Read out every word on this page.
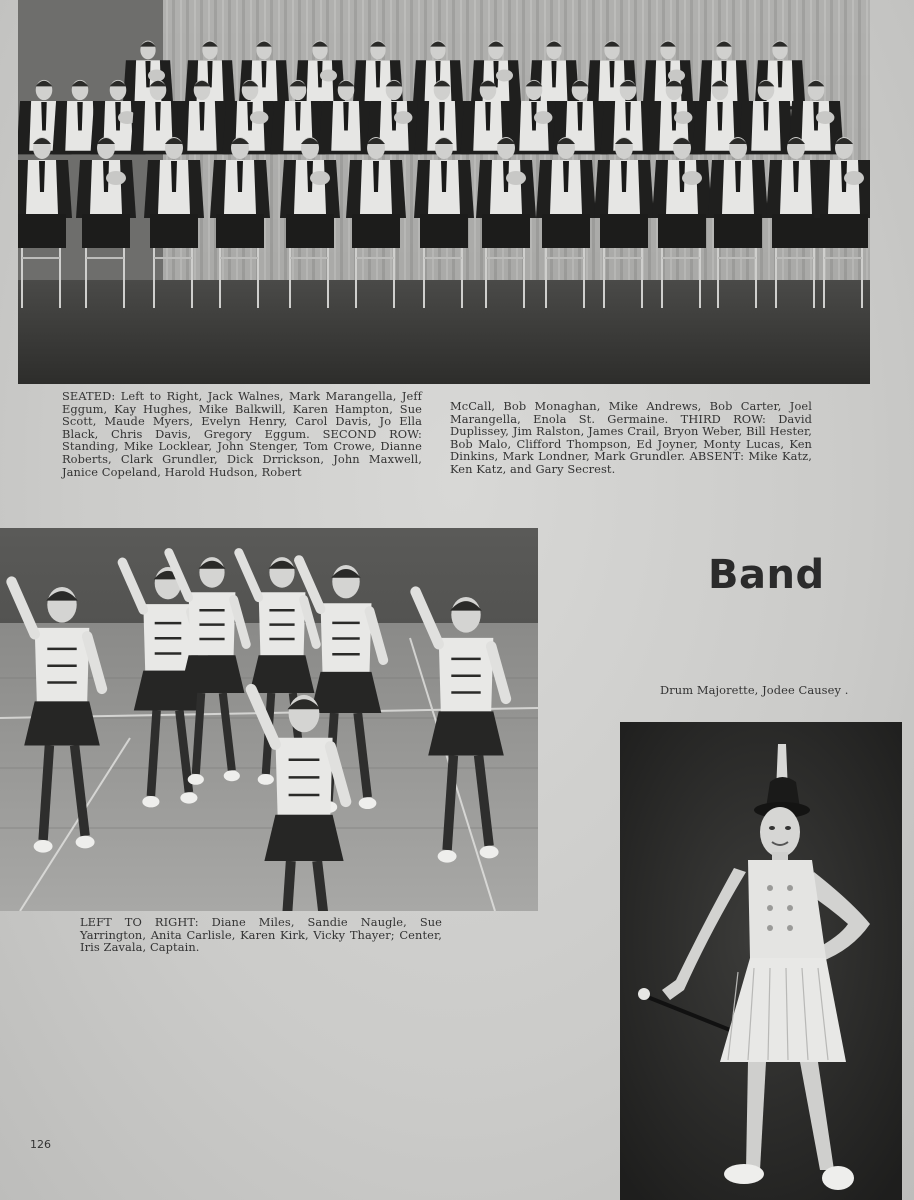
SEATED: Left to Right, Jack Walnes, Mark Marangella, Jeff Eggum, Kay Hughes, Mike Balkwill, Karen Hampton, Sue Scott, Maude Myers, Evelyn Henry, Carol Davis, Jo Ella Black, Chris Davis, Gregory Eggum. SECOND ROW: Standing, Mike Locklear, John Stenger, Tom Crowe, Dianne Roberts, Clark Grundler, Dick Drrickson, John Maxwell, Janice Copeland, Harold Hudson, Robert
McCall, Bob Monaghan, Mike Andrews, Bob Carter, Joel Marangella, Enola St. Germaine. THIRD ROW: David Duplissey, Jim Ralston, James Crail, Bryon Weber, Bill Hester, Bob Malo, Clifford Thompson, Ed Joyner, Monty Lucas, Ken Dinkins, Mark Londner, Mark Grundler. ABSENT: Mike Katz, Ken Katz, and Gary Secrest.
LEFT TO RIGHT: Diane Miles, Sandie Naugle, Sue Yarrington, Anita Carlisle, Karen Kirk, Vicky Thayer; Center, Iris Zavala, Captain.
Band
Drum Majorette, Jodee Causey .
126
